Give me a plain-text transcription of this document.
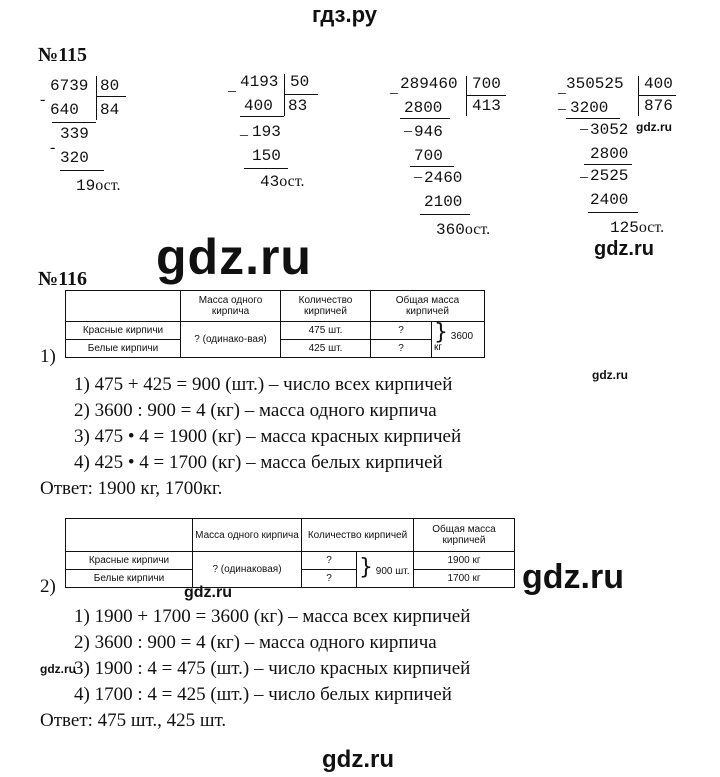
гдз.ру
№115
6739 80
84
-
640
339
-
320
19ост.
_ 4193 50
83
400
_ 193
150
43ост.
_ 289460 700
413
2800
_ 946
700
_ 2460
2100
360ост.
_ 350525 400
876
_ 3200
_ 3052
2800
_ 2525
2400
125ост.
gdz.ru
gdz.ru
gdz.ru
№116
	Масса одного кирпича	Количество кирпичей	Общая масса кирпичей	
Красные кирпичи	? (одинако-вая)	475 шт.	?	} 3600 кг
Белые кирпичи		425 шт.	?	
1)
gdz.ru
1) 475 + 425 = 900 (шт.) – число всех кирпичей
2) 3600 : 900 = 4 (кг) – масса одного кирпича
3) 475 • 4 = 1900 (кг) – масса красных кирпичей
4) 425 • 4 = 1700 (кг) – масса белых кирпичей
Ответ: 1900 кг, 1700кг.
	Масса одного кирпича	Количество кирпичей		Общая масса кирпичей
Красные кирпичи	? (одинаковая)	?	} 900 шт.	1900 кг
Белые кирпичи		?		1700 кг
2)	gdz.ru	gdz.ru
1) 1900 + 1700 = 3600 (кг) – масса всех кирпичей
2) 3600 : 900 = 4 (кг) – масса одного кирпича
gdz.ru
3) 1900 : 4 = 475 (шт.) – число красных кирпичей
4) 1700 : 4 = 425 (шт.) – число белых кирпичей
Ответ: 475 шт., 425 шт.
gdz.ru
